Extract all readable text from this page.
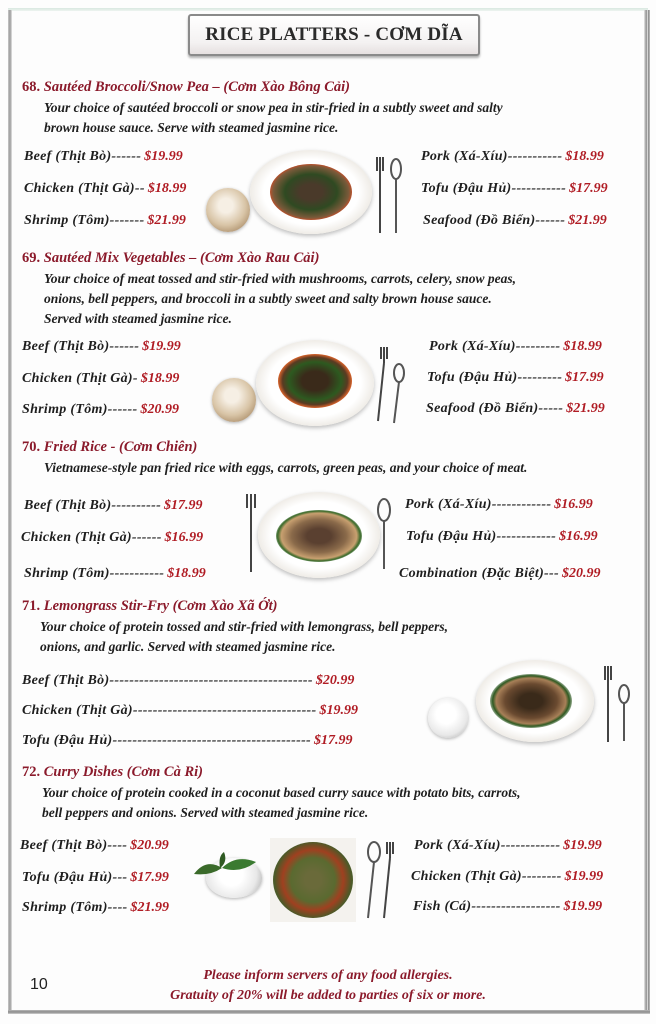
RICE PLATTERS - CƠM DĨA
68. Sautéed Broccoli/Snow Pea – (Cơm Xào Bông Cải)
Your choice of sautéed broccoli or snow pea in stir-fried in a subtly sweet and salty
brown house sauce. Serve with steamed jasmine rice.
Beef (Thịt Bò)------ $19.99
Chicken (Thịt Gà)-- $18.99
Shrimp (Tôm)------- $21.99
Pork (Xá-Xíu)----------- $18.99
Tofu (Đậu Hủ)----------- $17.99
Seafood (Đồ Biển)------ $21.99
69. Sautéed Mix Vegetables – (Cơm Xào Rau Cải)
Your choice of meat tossed and stir-fried with mushrooms, carrots, celery, snow peas,
onions, bell peppers, and broccoli in a subtly sweet and salty brown house sauce.
Served with steamed jasmine rice.
Beef (Thịt Bò)------ $19.99
Chicken (Thịt Gà)- $18.99
Shrimp (Tôm)------ $20.99
Pork (Xá-Xíu)--------- $18.99
Tofu (Đậu Hủ)--------- $17.99
Seafood (Đồ Biển)----- $21.99
70. Fried Rice - (Cơm Chiên)
Vietnamese-style pan fried rice with eggs, carrots, green peas, and your choice of meat.
Beef (Thịt Bò)---------- $17.99
Chicken (Thịt Gà)------ $16.99
Shrimp (Tôm)----------- $18.99
Pork (Xá-Xíu)------------ $16.99
Tofu (Đậu Hủ)------------ $16.99
Combination (Đặc Biệt)--- $20.99
71. Lemongrass Stir-Fry (Cơm Xào Xã Ớt)
Your choice of protein tossed and stir-fried with lemongrass, bell peppers,
onions, and garlic. Served with steamed jasmine rice.
Beef (Thịt Bò)----------------------------------------- $20.99
Chicken (Thịt Gà)------------------------------------- $19.99
Tofu (Đậu Hủ)---------------------------------------- $17.99
72. Curry Dishes (Cơm Cà Ri)
Your choice of protein cooked in a coconut based curry sauce with potato bits, carrots,
bell peppers and onions. Served with steamed jasmine rice.
Beef (Thịt Bò)---- $20.99
Tofu (Đậu Hủ)--- $17.99
Shrimp (Tôm)---- $21.99
Pork (Xá-Xíu)------------ $19.99
Chicken (Thịt Gà)-------- $19.99
Fish (Cá)------------------ $19.99
10
Please inform servers of any food allergies.
Gratuity of 20% will be added to parties of six or more.
